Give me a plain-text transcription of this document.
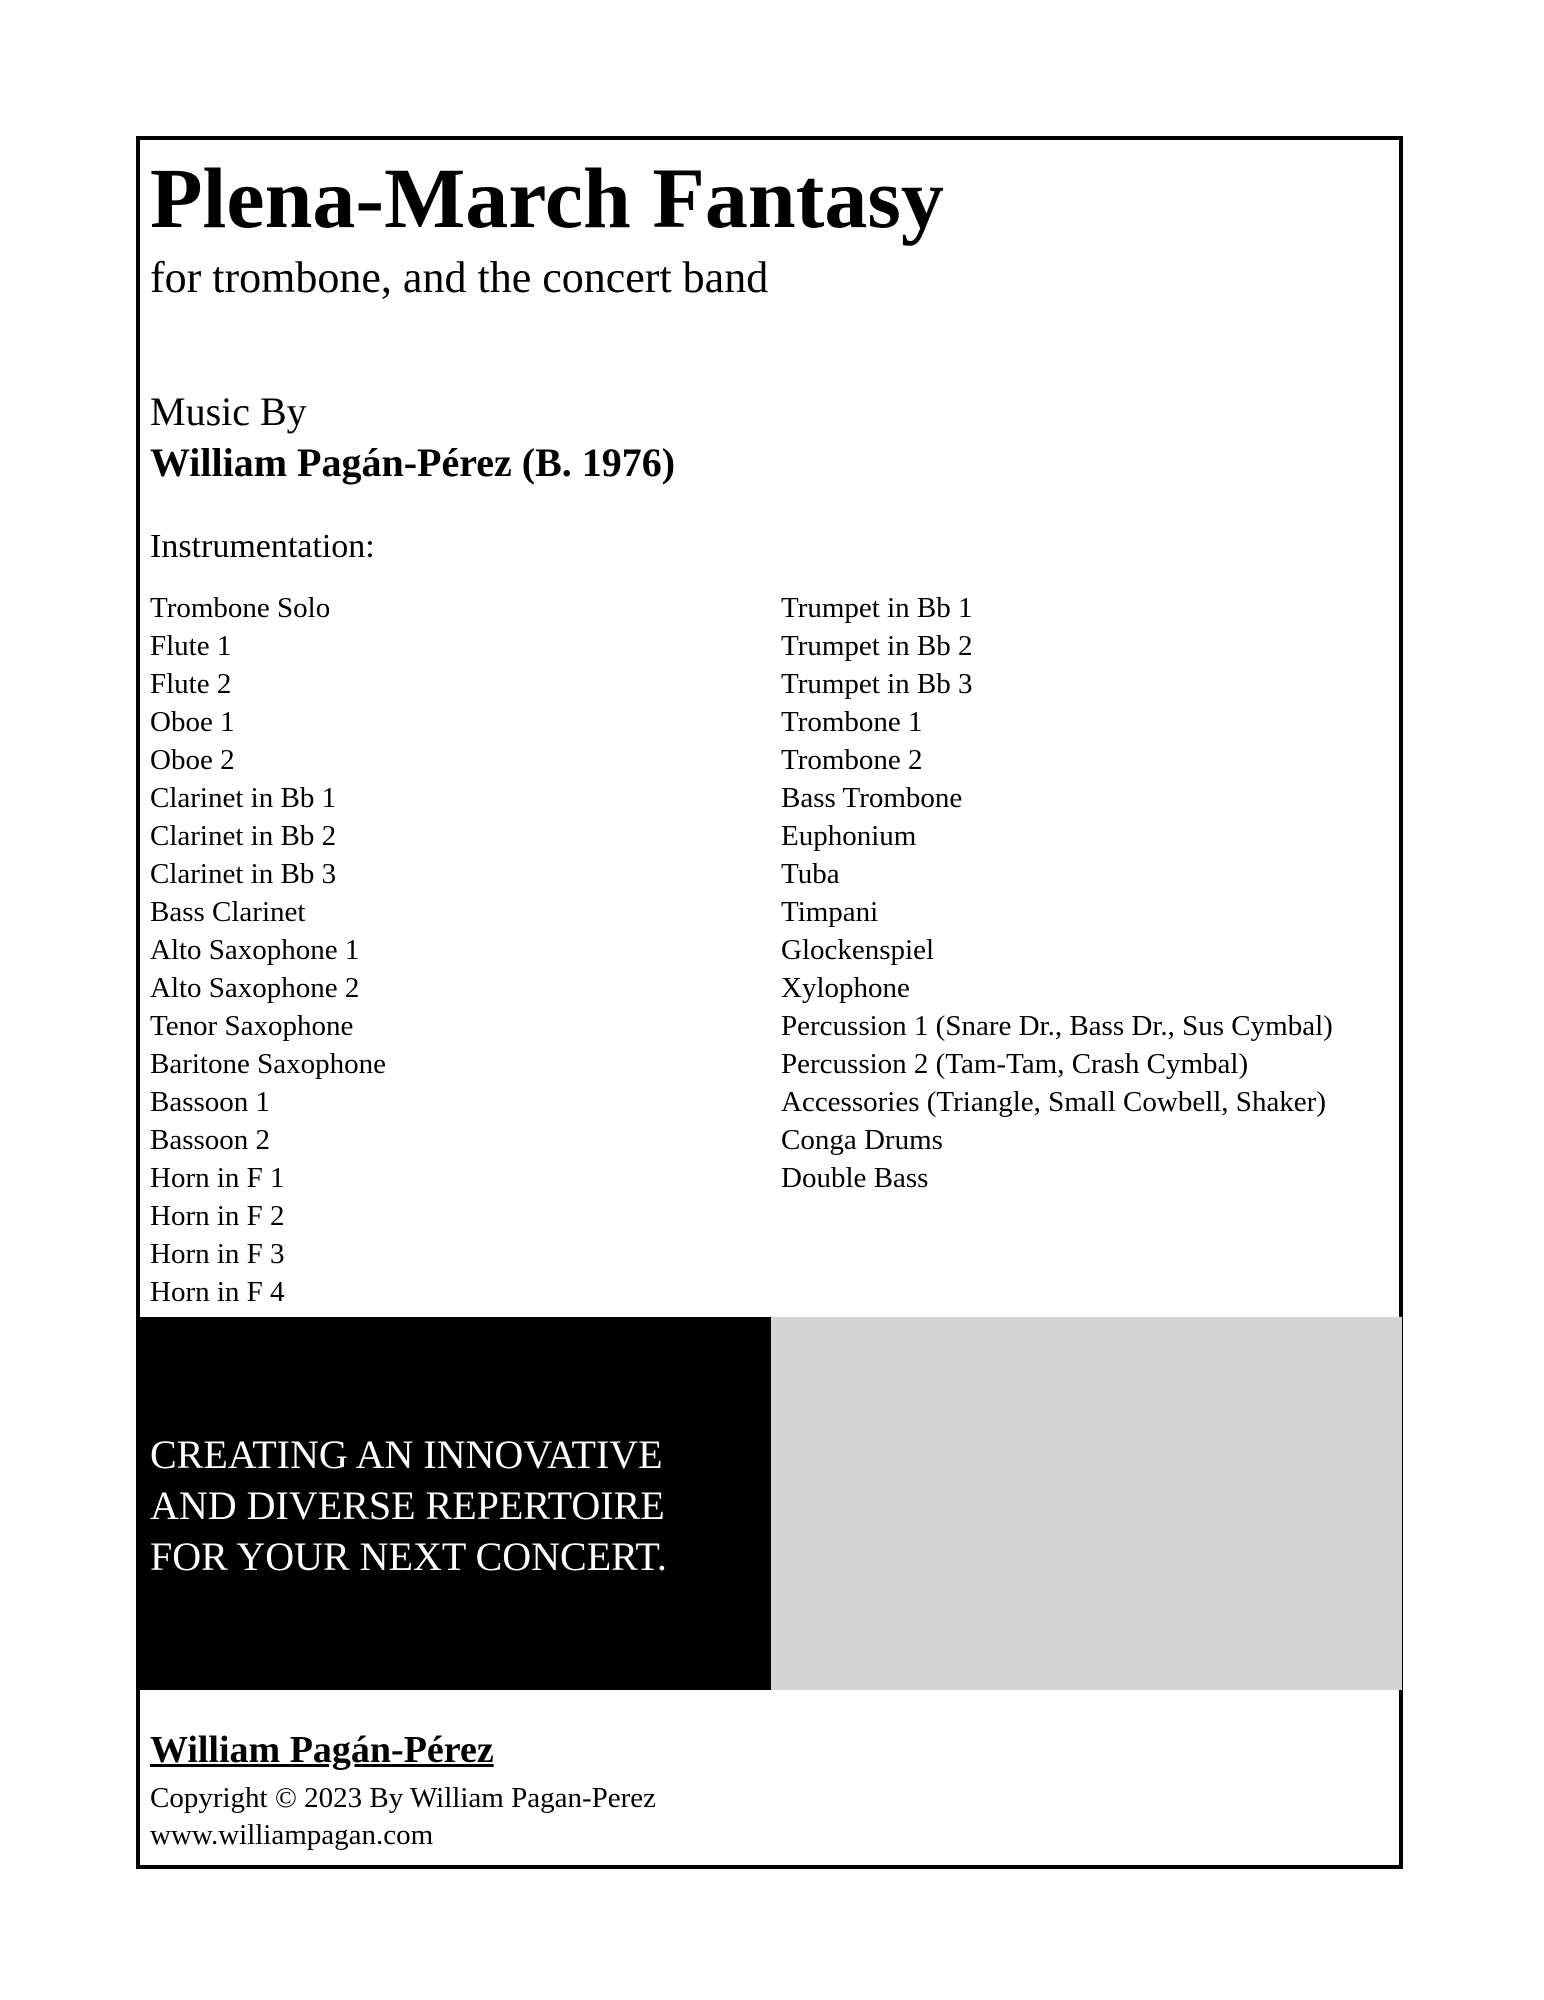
Plena-March Fantasy

for trombone, and the concert band

Music By
William Pagán-Pérez (B. 1976)
Instrumentation:
Trombone Solo
Flute 1
Flute 2
Oboe 1
Oboe 2
Clarinet in Bb 1
Clarinet in Bb 2
Clarinet in Bb 3
Bass Clarinet
Alto Saxophone 1
Alto Saxophone 2
Tenor Saxophone
Baritone Saxophone
Bassoon 1
Bassoon 2
Horn in F 1
Horn in F 2
Horn in F 3
Horn in F 4
Trumpet in Bb 1
Trumpet in Bb 2
Trumpet in Bb 3
Trombone 1
Trombone 2
Bass Trombone
Euphonium
Tuba
Timpani
Glockenspiel
Xylophone
Percussion 1 (Snare Dr., Bass Dr., Sus Cymbal)
Percussion 2 (Tam-Tam, Crash Cymbal)
Accessories (Triangle, Small Cowbell, Shaker)
Conga Drums
Double Bass
CREATING AN INNOVATIVE
AND DIVERSE REPERTOIRE
FOR YOUR NEXT CONCERT.
William Pagán-Pérez
Copyright © 2023 By William Pagan-Perez
www.williampagan.com
